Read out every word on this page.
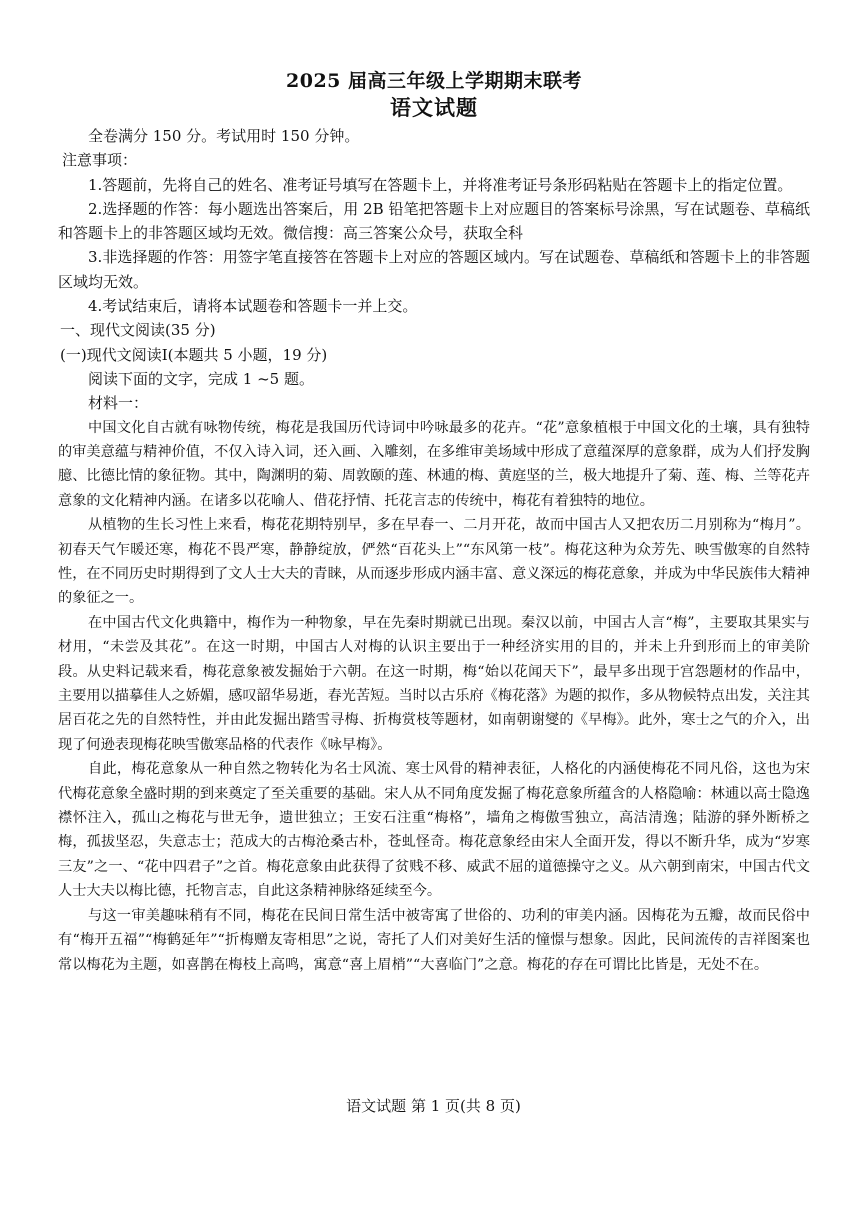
2025 届高三年级上学期期末联考
语文试题

全卷满分 150 分。考试用时 150 分钟。

注意事项：

1.答题前，先将自己的姓名、准考证号填写在答题卡上，并将准考证号条形码粘贴在答题卡上的指定位置。

2.选择题的作答：每小题选出答案后，用 2B 铅笔把答题卡上对应题目的答案标号涂黑，写在试题卷、草稿纸和答题卡上的非答题区域均无效。微信搜：高三答案公众号，获取全科

3.非选择题的作答：用签字笔直接答在答题卡上对应的答题区域内。写在试题卷、草稿纸和答题卡上的非答题区域均无效。

4.考试结束后，请将本试题卷和答题卡一并上交。

一、现代文阅读(35 分)

(一)现代文阅读Ⅰ(本题共 5 小题，19 分)

阅读下面的文字，完成 1 ~5 题。

材料一：

中国文化自古就有咏物传统，梅花是我国历代诗词中吟咏最多的花卉。“花”意象植根于中国文化的土壤，具有独特的审美意蕴与精神价值，不仅入诗入词，还入画、入雕刻，在多维审美场域中形成了意蕴深厚的意象群，成为人们抒发胸臆、比德比情的象征物。其中，陶渊明的菊、周敦颐的莲、林逋的梅、黄庭坚的兰，极大地提升了菊、莲、梅、兰等花卉意象的文化精神内涵。在诸多以花喻人、借花抒情、托花言志的传统中，梅花有着独特的地位。

从植物的生长习性上来看，梅花花期特别早，多在早春一、二月开花，故而中国古人又把农历二月别称为“梅月”。初春天气乍暖还寒，梅花不畏严寒，静静绽放，俨然“百花头上”“东风第一枝”。梅花这种为众芳先、映雪傲寒的自然特性，在不同历史时期得到了文人士大夫的青睐，从而逐步形成内涵丰富、意义深远的梅花意象，并成为中华民族伟大精神的象征之一。

在中国古代文化典籍中，梅作为一种物象，早在先秦时期就已出现。秦汉以前，中国古人言“梅”，主要取其果实与材用，“未尝及其花”。在这一时期，中国古人对梅的认识主要出于一种经济实用的目的，并未上升到形而上的审美阶段。从史料记载来看，梅花意象被发掘始于六朝。在这一时期，梅“始以花闻天下”，最早多出现于宫怨题材的作品中，主要用以描摹佳人之娇媚，感叹韶华易逝，春光苦短。当时以古乐府《梅花落》为题的拟作，多从物候特点出发，关注其居百花之先的自然特性，并由此发掘出踏雪寻梅、折梅赏枝等题材，如南朝谢燮的《早梅》。此外，寒士之气的介入，出现了何逊表现梅花映雪傲寒品格的代表作《咏早梅》。

自此，梅花意象从一种自然之物转化为名士风流、寒士风骨的精神表征，人格化的内涵使梅花不同凡俗，这也为宋代梅花意象全盛时期的到来奠定了至关重要的基础。宋人从不同角度发掘了梅花意象所蕴含的人格隐喻：林逋以高士隐逸襟怀注入，孤山之梅花与世无争，遗世独立；王安石注重“梅格”，墙角之梅傲雪独立，高洁清逸；陆游的驿外断桥之梅，孤拔坚忍，失意志士；范成大的古梅沧桑古朴，苍虬怪奇。梅花意象经由宋人全面开发，得以不断升华，成为“岁寒三友”之一、“花中四君子”之首。梅花意象由此获得了贫贱不移、威武不屈的道德操守之义。从六朝到南宋，中国古代文人士大夫以梅比德，托物言志，自此这条精神脉络延续至今。

与这一审美趣味稍有不同，梅花在民间日常生活中被寄寓了世俗的、功利的审美内涵。因梅花为五瓣，故而民俗中有“梅开五福”“梅鹤延年”“折梅赠友寄相思”之说，寄托了人们对美好生活的憧憬与想象。因此，民间流传的吉祥图案也常以梅花为主题，如喜鹊在梅枝上高鸣，寓意“喜上眉梢”“大喜临门”之意。梅花的存在可谓比比皆是，无处不在。

语文试题 第 1 页(共 8 页)
